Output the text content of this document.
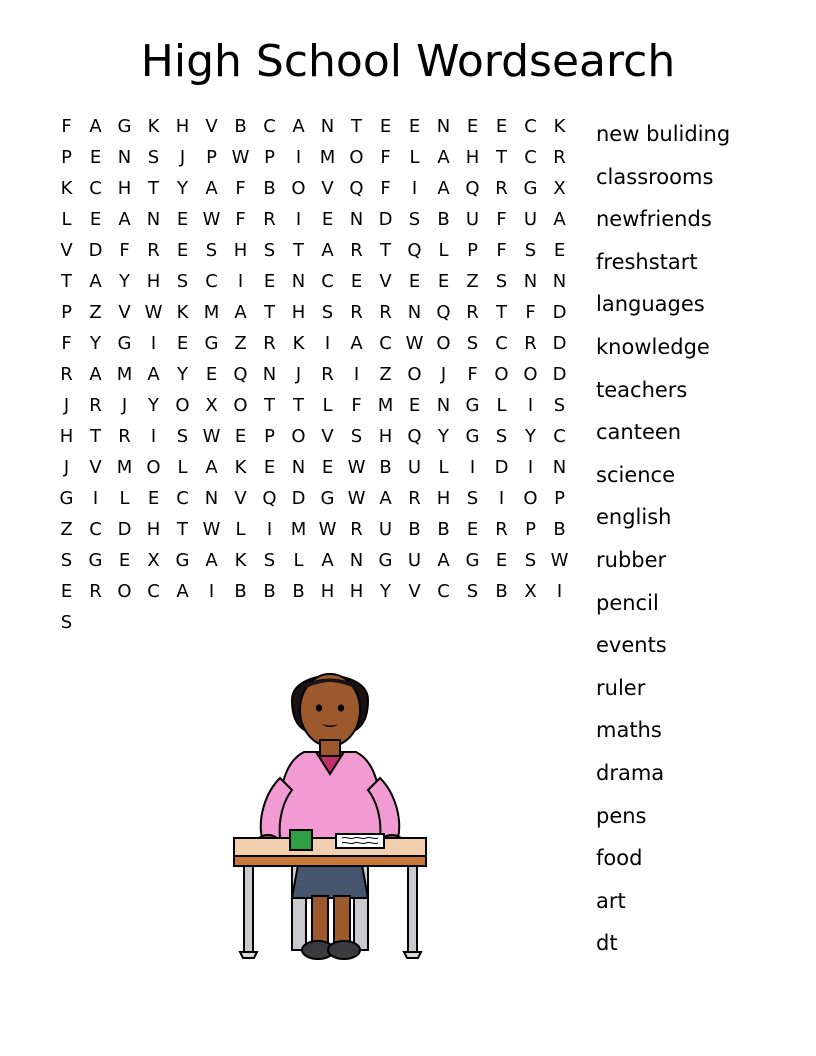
High School Wordsearch
F A G K H V B C A N T E E N E E C K
P E N S	J	P W P	I	M O F	L A H T C R
K C H T	Y A F B O V Q F	I	A Q R G X
L	E A N E W F R	I	E N D S B U F U A
V D F R E S H S T A R T Q L	P	F	S E
T A Y H S C	I	E N C E V E E Z S N N
P Z V W K M A T H S R R N Q R T	F D
F	Y G	I	E G Z R K	I	A C W O S C R D
R A M A Y E Q N	J	R	I	Z O	J	F O O D
J	R	J	Y O X O T	T	L	F M E N G L	I	S
H T R	I	S W E P O V S H Q Y G S Y C
J	V M O L A K E N E W B U L	I	D	I	N
G	I	L	E C N V Q D G W A R H S	I	O P
Z C D H T W L	I	M W R U B B E R P B
S G E X G A K S	L A N G U A G E S W
E R O C A	I	B B B H H Y V C S B X	I
S
new buliding
classrooms
newfriends
freshstart
languages
knowledge
teachers
canteen
science
english
rubber
pencil
events
ruler
maths
drama
pens
food
art
dt
